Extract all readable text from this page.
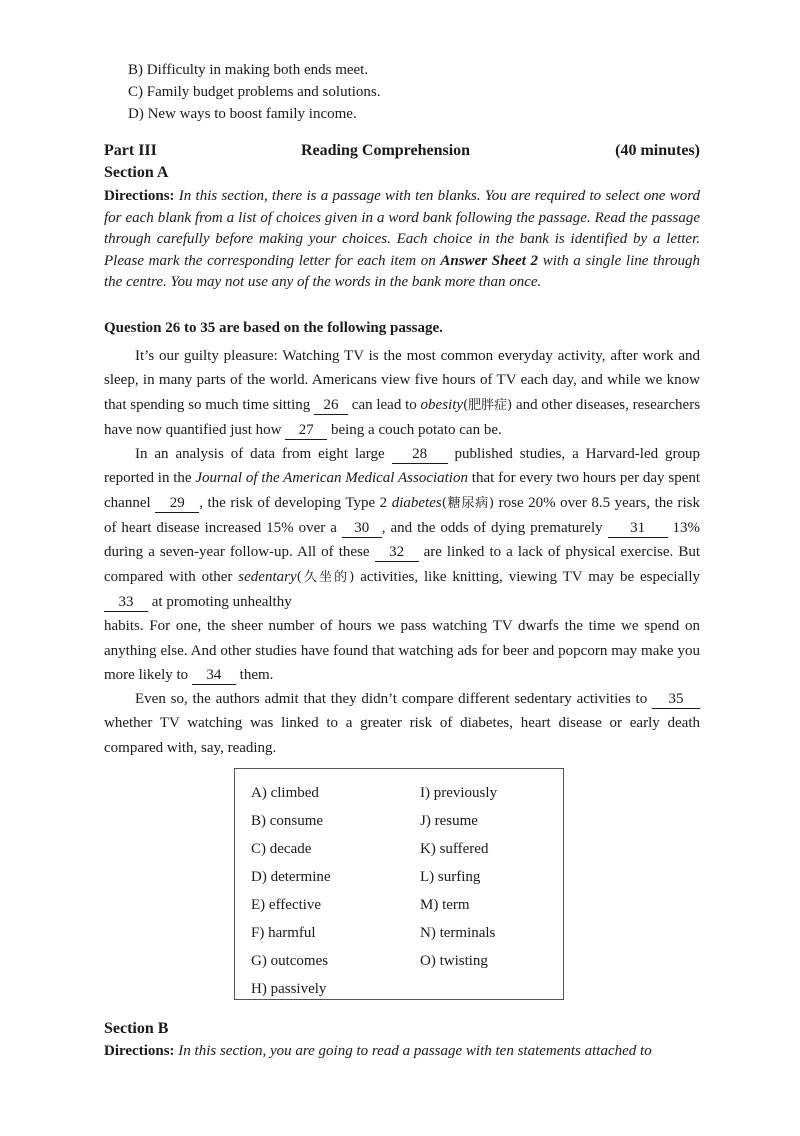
B) Difficulty in making both ends meet.
C) Family budget problems and solutions.
D) New ways to boost family income.
Part III	Reading Comprehension	(40 minutes)
Section A
Directions: In this section, there is a passage with ten blanks. You are required to select one word for each blank from a list of choices given in a word bank following the passage. Read the passage through carefully before making your choices. Each choice in the bank is identified by a letter. Please mark the corresponding letter for each item on Answer Sheet 2 with a single line through the centre. You may not use any of the words in the bank more than once.
Question 26 to 35 are based on the following passage.

It’s our guilty pleasure: Watching TV is the most common everyday activity, after work and sleep, in many parts of the world. Americans view five hours of TV each day, and while we know that spending so much time sitting 26 can lead to obesity(肥胖症) and other diseases, researchers have now quantified just how 27 being a couch potato can be.

In an analysis of data from eight large 28 published studies, a Harvard-led group reported in the Journal of the American Medical Association that for every two hours per day spent channel 29 , the risk of developing Type 2 diabetes(糖尿病) rose 20% over 8.5 years, the risk of heart disease increased 15% over a 30 , and the odds of dying prematurely 31 13% during a seven-year follow-up. All of these 32 are linked to a lack of physical exercise. But compared with other sedentary(久坐的) activities, like knitting, viewing TV may be especially 33 at promoting unhealthy

habits. For one, the sheer number of hours we pass watching TV dwarfs the time we spend on anything else. And other studies have found that watching ads for beer and popcorn may make you more likely to 34 them.

Even so, the authors admit that they didn’t compare different sedentary activities to 35 whether TV watching was linked to a greater risk of diabetes, heart disease or early death compared with, say, reading.

A) climbed
B) consume
C) decade
D) determine
E) effective
F) harmful
G) outcomes
H) passively
I) previously
J) resume
K) suffered
L) surfing
M) term
N) terminals
O) twisting
Section B
Directions: In this section, you are going to read a passage with ten statements attached to
